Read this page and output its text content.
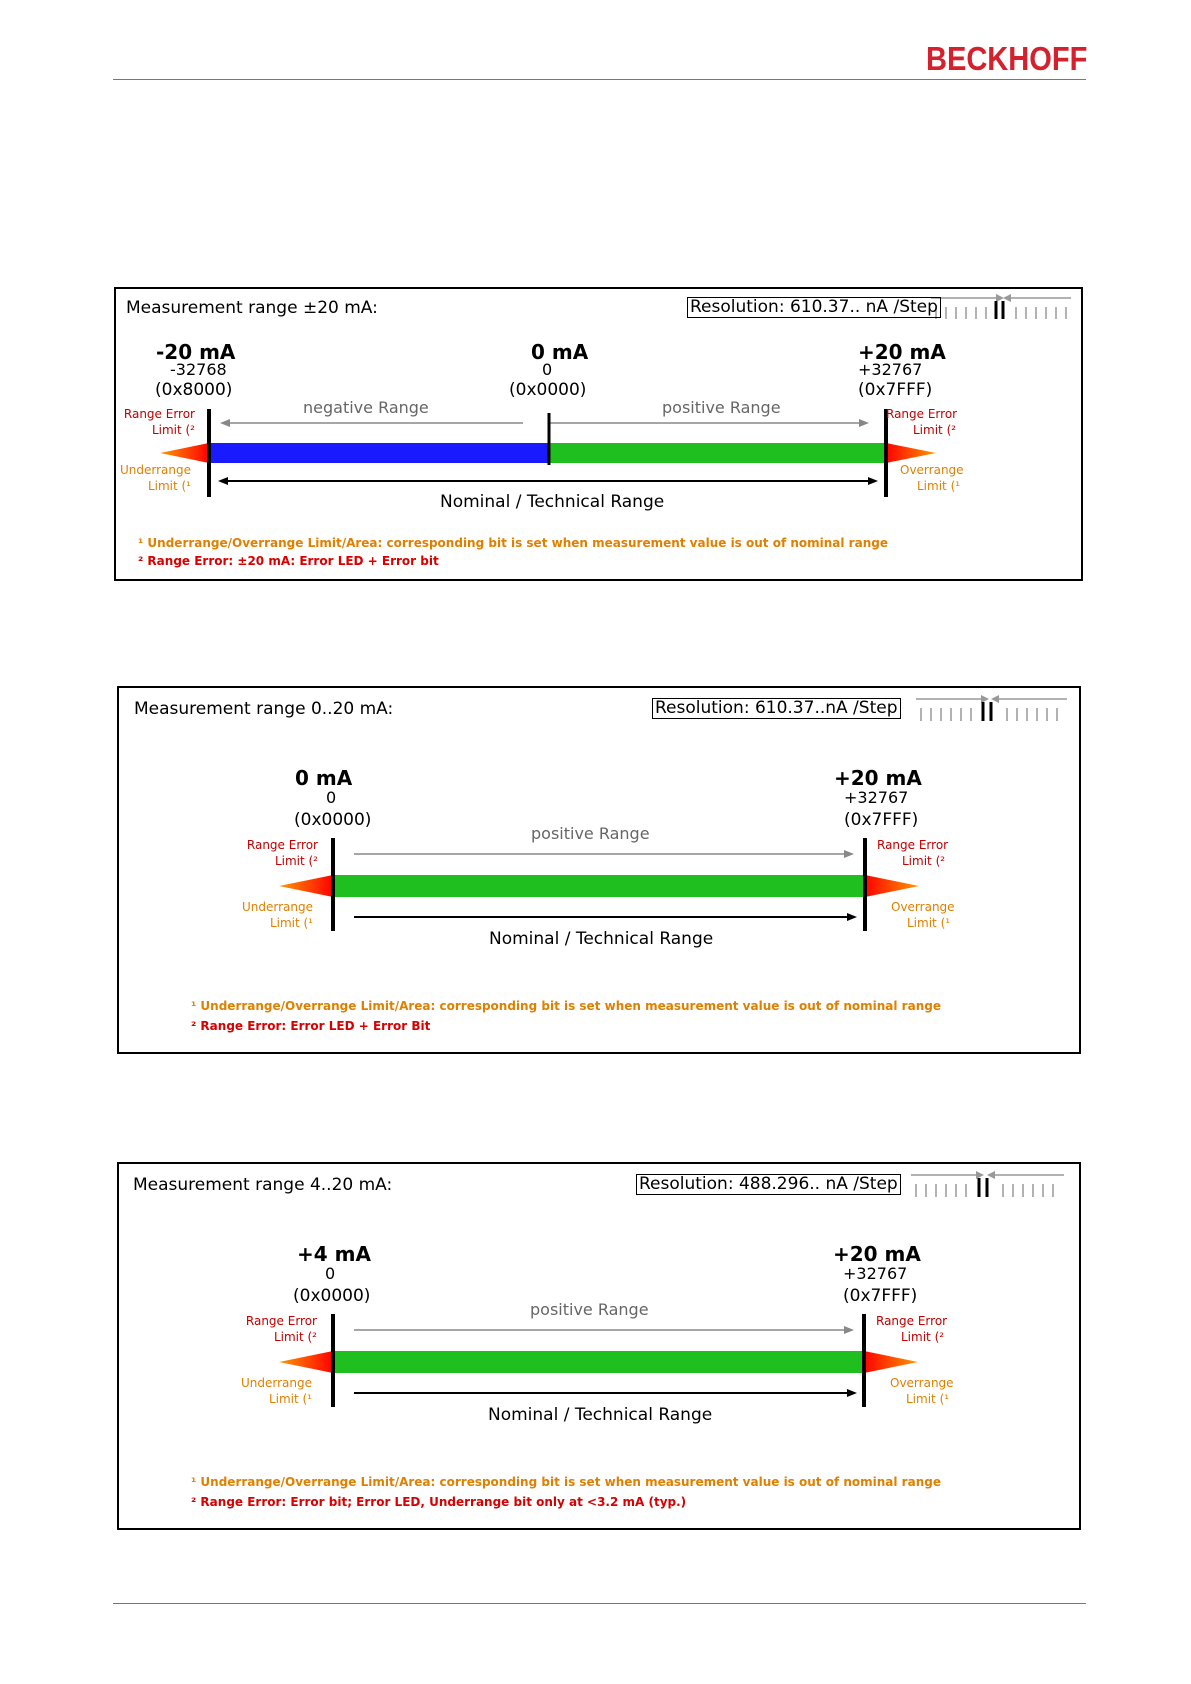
BECKHOFF
Measurement range ±20 mA:	Resolution: 610.37.. nA /Step
-20 mA
-32768
(0x8000)
0 mA
0
(0x0000)
+20 mA
+32767
(0x7FFF)
negative Range	positive Range
Range Error
Limit (²
Underrange
Limit (¹
Range Error
Limit (²
Overrange
Limit (¹
Nominal / Technical Range
¹ Underrange/Overrange Limit/Area: corresponding bit is set when measurement value is out of nominal range
² Range Error: ±20 mA: Error LED + Error bit
Measurement range 0..20 mA:	Resolution: 610.37..nA /Step
0 mA
0
(0x0000)
+20 mA
+32767
(0x7FFF)
positive Range
Range Error
Limit (²
Underrange
Limit (¹
Range Error
Limit (²
Overrange
Limit (¹
Nominal / Technical Range
¹ Underrange/Overrange Limit/Area: corresponding bit is set when measurement value is out of nominal range
² Range Error: Error LED + Error Bit
Measurement range 4..20 mA:	Resolution: 488.296.. nA /Step
+4 mA
0
(0x0000)
+20 mA
+32767
(0x7FFF)
positive Range
Range Error
Limit (²
Underrange
Limit (¹
Range Error
Limit (²
Overrange
Limit (¹
Nominal / Technical Range
¹ Underrange/Overrange Limit/Area: corresponding bit is set when measurement value is out of nominal range
² Range Error: Error bit; Error LED, Underrange bit only at <3.2 mA (typ.)
